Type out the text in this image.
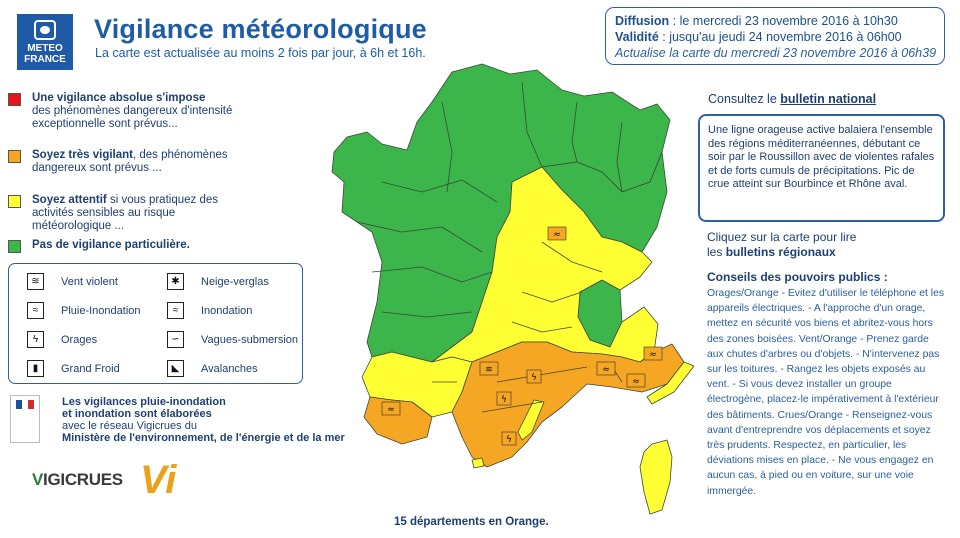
METEO
FRANCE
Vigilance météorologique
La carte est actualisée au moins 2 fois par jour, à 6h et 16h.
Diffusion : le mercredi 23 novembre 2016 à 10h30
Validité : jusqu'au jeudi 24 novembre 2016 à 06h00
Actualise la carte du mercredi 23 novembre 2016 à 06h39
Une vigilance absolue s'impose
des phénomènes dangereux d'intensité exceptionnelle sont prévus...
Soyez très vigilant, des phénomènes dangereux sont prévus ...
Soyez attentif si vous pratiquez des activités sensibles au risque météorologique ...
Pas de vigilance particulière.
≋	Vent violent	✱	Neige-verglas
≈	Pluie-Inondation	≈	Inondation
ϟ	Orages	∽	Vagues-submersion
▮	Grand Froid	◣	Avalanches
Les vigilances pluie-inondation
et inondation sont élaborées
avec le réseau Vigicrues du
Ministère de l'environnement, de l'énergie et de la mer
VIGICRUES Vi
≈
≈
ϟ
ϟ
ϟ
≋	≈
≈
≈
Consultez le bulletin national
Une ligne orageuse active balaiera l'ensemble des régions méditerranéennes, débutant ce soir par le Roussillon avec de violentes rafales et de forts cumuls de précipitations. Pic de crue atteint sur Bourbince et Rhône aval.
Cliquez sur la carte pour lire
les bulletins régionaux
Conseils des pouvoirs publics :
Orages/Orange - Evitez d'utiliser le téléphone et les appareils électriques. - A l'approche d'un orage, mettez en sécurité vos biens et abritez-vous hors des zones boisées. Vent/Orange - Prenez garde aux chutes d'arbres ou d'objets. - N'intervenez pas sur les toitures. - Rangez les objets exposés au vent. - Si vous devez installer un groupe électrogène, placez-le impérativement à l'extérieur des bâtiments. Crues/Orange - Renseignez-vous avant d'entreprendre vos déplacements et soyez très prudents. Respectez, en particulier, les déviations mises en place. - Ne vous engagez en aucun cas, à pied ou en voiture, sur une voie immergée.
15 départements en Orange.
